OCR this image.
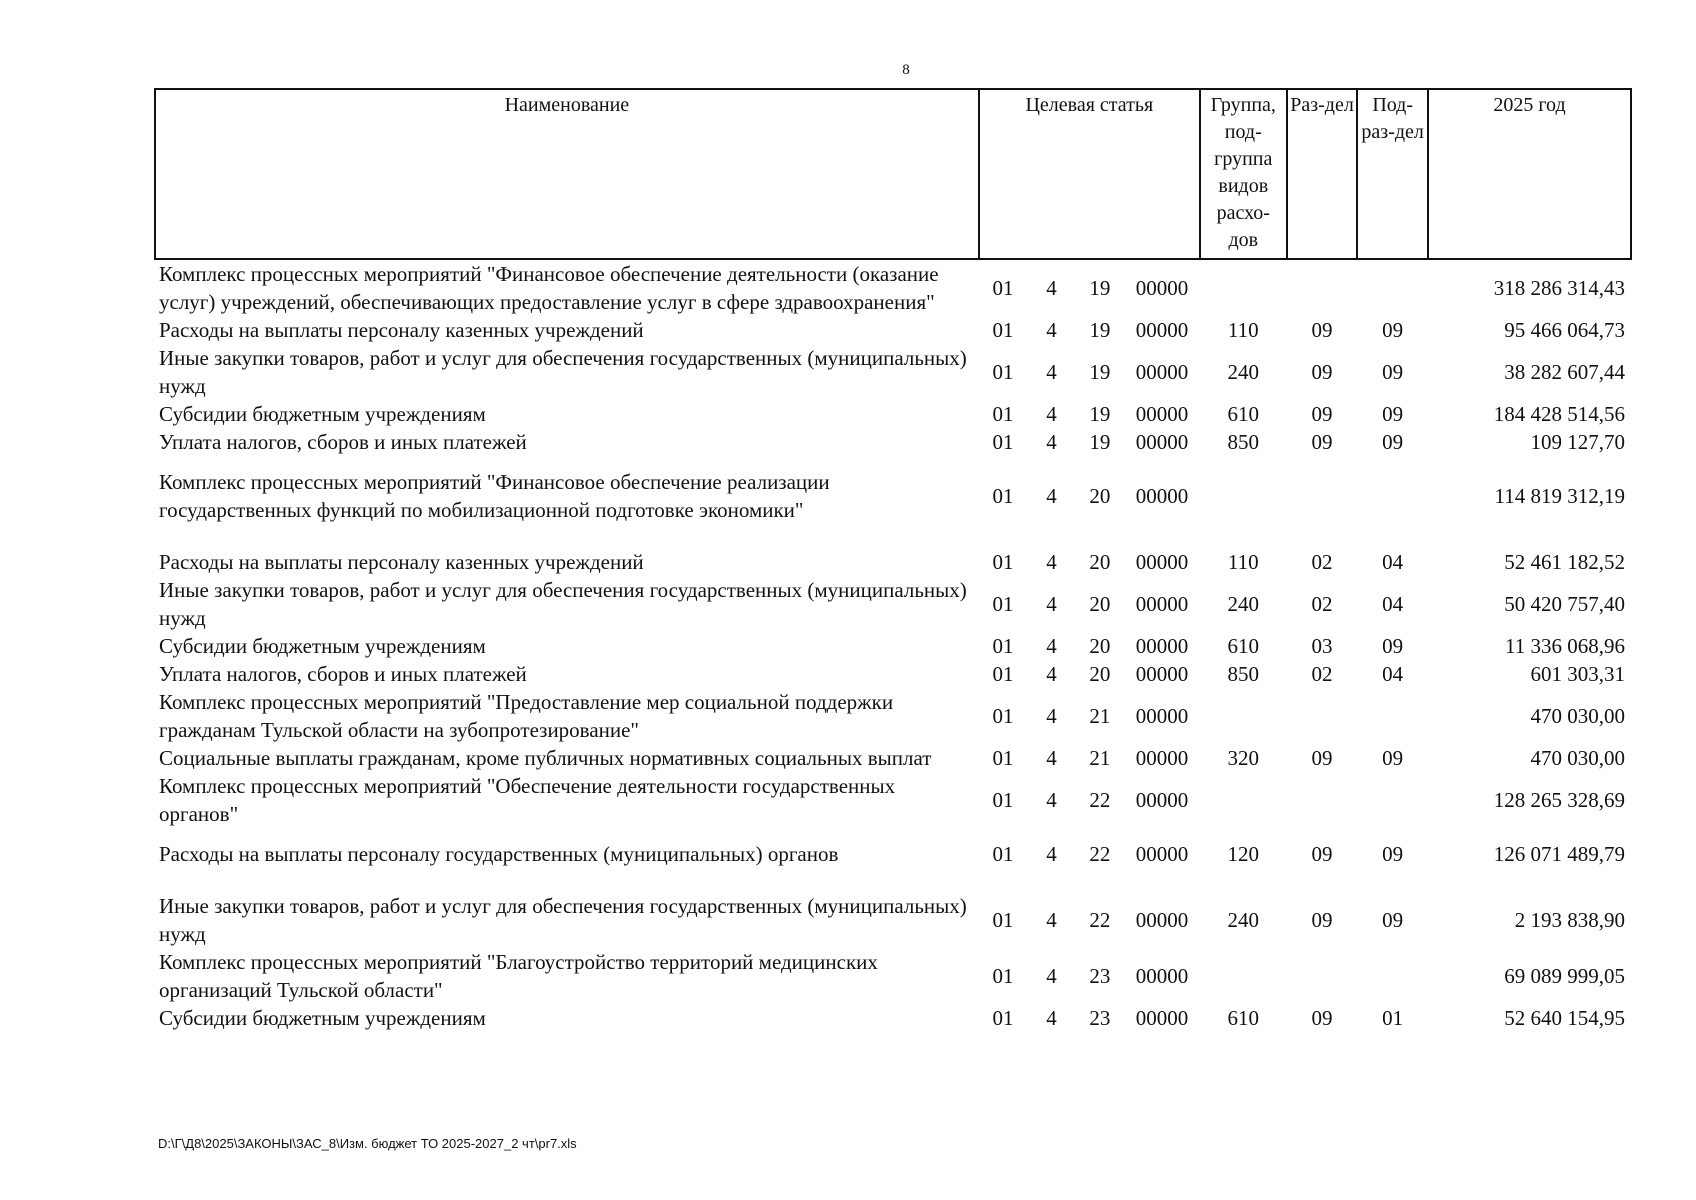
8
Наименование	Целевая статья				Группа, под-группа видов расхо-дов	Раз-дел	Под-раз-дел	2025 год
Комплекс процессных мероприятий "Финансовое обеспечение деятельности (оказание услуг) учреждений, обеспечивающих предоставление услуг в сфере здравоохранения"	01	4	19	00000				318 286 314,43
Расходы на выплаты персоналу казенных учреждений	01	4	19	00000	110	09	09	95 466 064,73
Иные закупки товаров, работ и услуг для обеспечения государственных (муниципальных) нужд	01	4	19	00000	240	09	09	38 282 607,44
Субсидии бюджетным учреждениям	01	4	19	00000	610	09	09	184 428 514,56
Уплата налогов, сборов и иных платежей	01	4	19	00000	850	09	09	109 127,70
Комплекс процессных мероприятий "Финансовое обеспечение реализации государственных функций по мобилизационной подготовке экономики"	01	4	20	00000				114 819 312,19
Расходы на выплаты персоналу казенных учреждений	01	4	20	00000	110	02	04	52 461 182,52
Иные закупки товаров, работ и услуг для обеспечения государственных (муниципальных) нужд	01	4	20	00000	240	02	04	50 420 757,40
Субсидии бюджетным учреждениям	01	4	20	00000	610	03	09	11 336 068,96
Уплата налогов, сборов и иных платежей	01	4	20	00000	850	02	04	601 303,31
Комплекс процессных мероприятий "Предоставление мер социальной поддержки гражданам Тульской области на зубопротезирование"	01	4	21	00000				470 030,00
Социальные выплаты гражданам, кроме публичных нормативных социальных выплат	01	4	21	00000	320	09	09	470 030,00
Комплекс процессных мероприятий "Обеспечение деятельности государственных органов"	01	4	22	00000				128 265 328,69
Расходы на выплаты персоналу государственных (муниципальных) органов	01	4	22	00000	120	09	09	126 071 489,79
Иные закупки товаров, работ и услуг для обеспечения государственных (муниципальных) нужд	01	4	22	00000	240	09	09	2 193 838,90
Комплекс процессных мероприятий "Благоустройство территорий медицинских организаций Тульской области"	01	4	23	00000				69 089 999,05
Субсидии бюджетным учреждениям	01	4	23	00000	610	09	01	52 640 154,95
D:\Г\Д8\2025\ЗАКОНЫ\ЗАС_8\Изм. бюджет ТО 2025-2027_2 чт\pr7.xls
